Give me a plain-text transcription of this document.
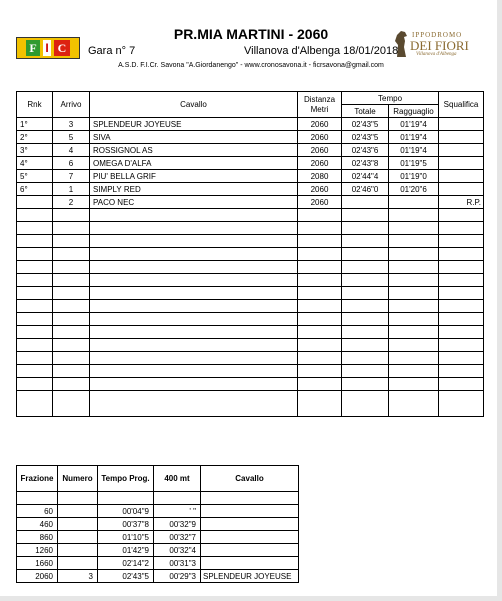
F I C
PR.MIA MARTINI - 2060
Gara n° 7	Villanova d'Albenga 18/01/2018
A.S.D. F.I.Cr. Savona "A.Giordanengo" - www.cronosavona.it - ficrsavona@gmail.com
IPPODROMO
DEI FIORI
Villanova d'Albenga
Rnk	Arrivo	Cavallo	Distanza Metri	Tempo		Squalifica
				Totale	Ragguaglio	
1°	3	SPLENDEUR JOYEUSE	2060	02'43"5	01'19"4	
2°	5	SIVA	2060	02'43"5	01'19"4	
3°	4	ROSSIGNOL AS	2060	02'43"6	01'19"4	
4°	6	OMEGA D'ALFA	2060	02'43"8	01'19"5	
5°	7	PIU' BELLA GRIF	2080	02'44"4	01'19"0	
6°	1	SIMPLY RED	2060	02'46"0	01'20"6	
	2	PACO NEC	2060			R.P.

Frazione	Numero	Tempo Prog.	400 mt	Cavallo

60		00'04"9	' "	
460		00'37"8	00'32"9	
860		01'10"5	00'32"7	
1260		01'42"9	00'32"4	
1660		02'14"2	00'31"3	
2060	3	02'43"5	00'29"3	SPLENDEUR JOYEUSE
